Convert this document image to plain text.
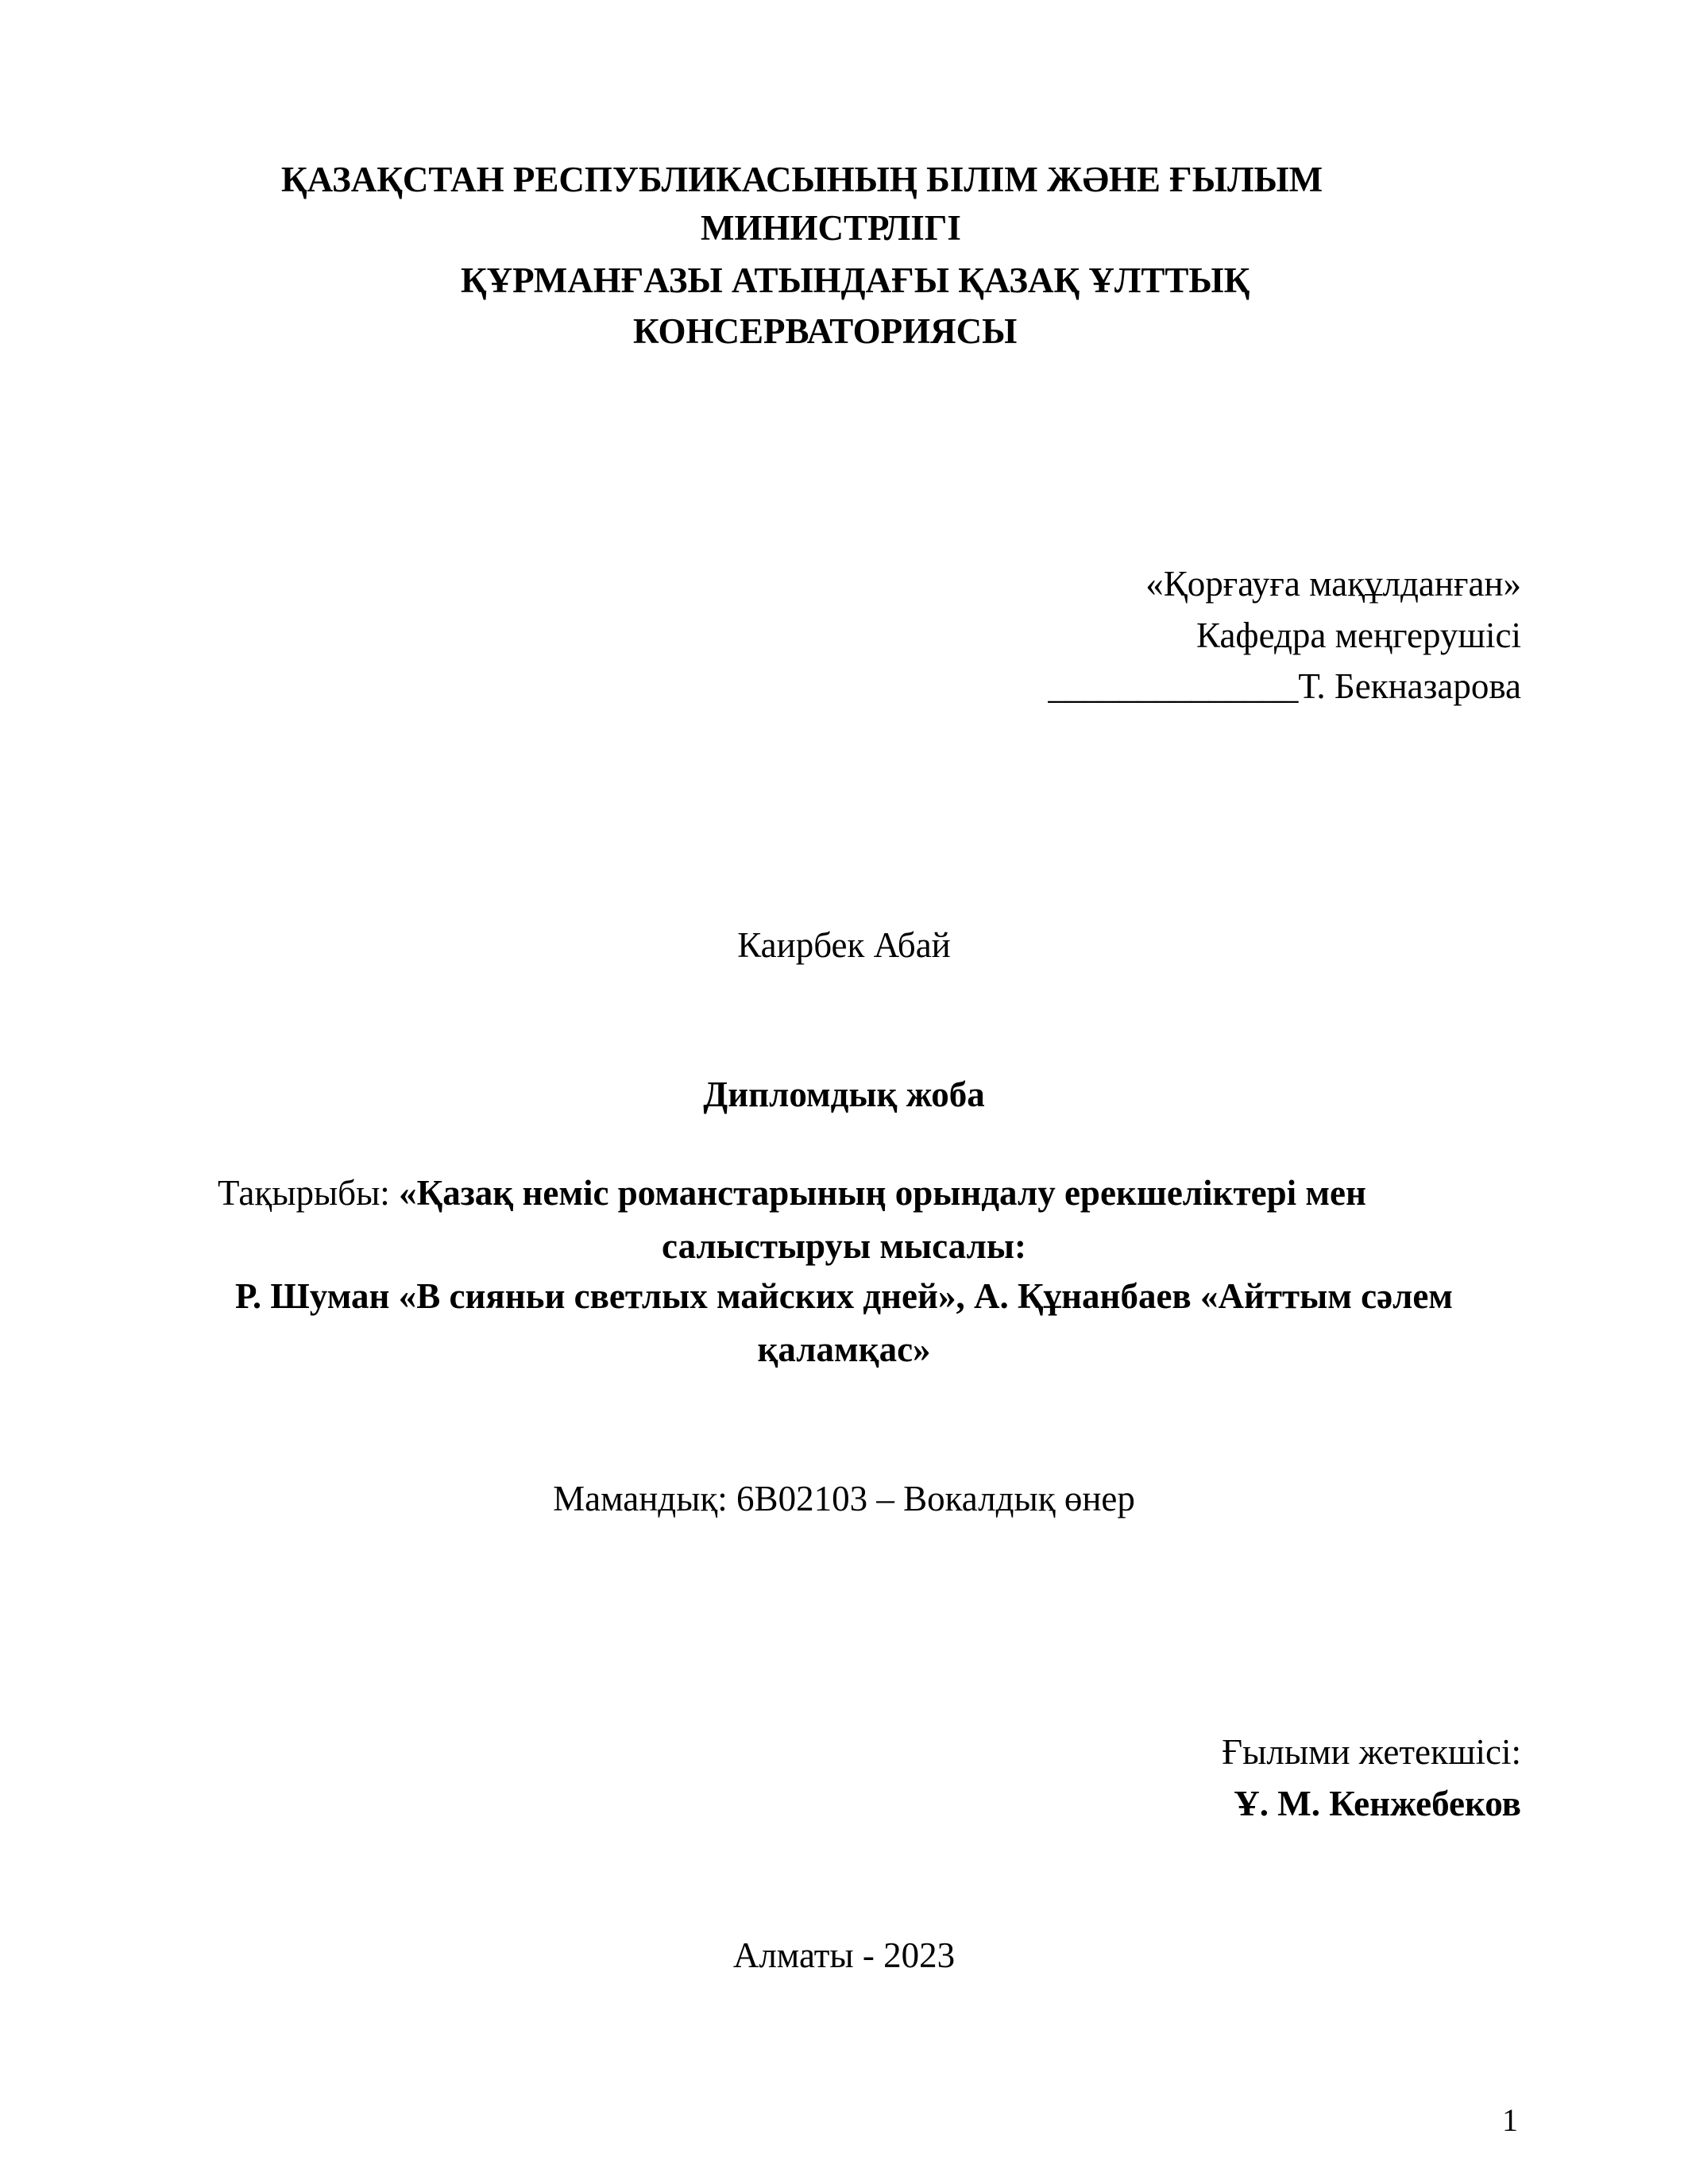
ҚАЗАҚСТАН РЕСПУБЛИКАСЫНЫҢ БІЛІМ ЖӘНЕ ҒЫЛЫМ
МИНИСТРЛІГІ
ҚҰРМАНҒАЗЫ АТЫНДАҒЫ ҚАЗАҚ ҰЛТТЫҚ
КОНСЕРВАТОРИЯСЫ
«Қорғауға мақұлданған»
Кафедра меңгерушісі
______________Т. Бекназарова
Каирбек Абай
Дипломдық жоба
Тақырыбы: «Қазақ неміс романстарының орындалу ерекшеліктері мен
салыстыруы мысалы:
Р. Шуман «В сияньи светлых майских дней», А. Құнанбаев «Айттым сәлем
қаламқас»
Мамандық: 6В02103 – Вокалдық өнер
Ғылыми жетекшісі:
Ұ. М. Кенжебеков
Алматы - 2023
1
